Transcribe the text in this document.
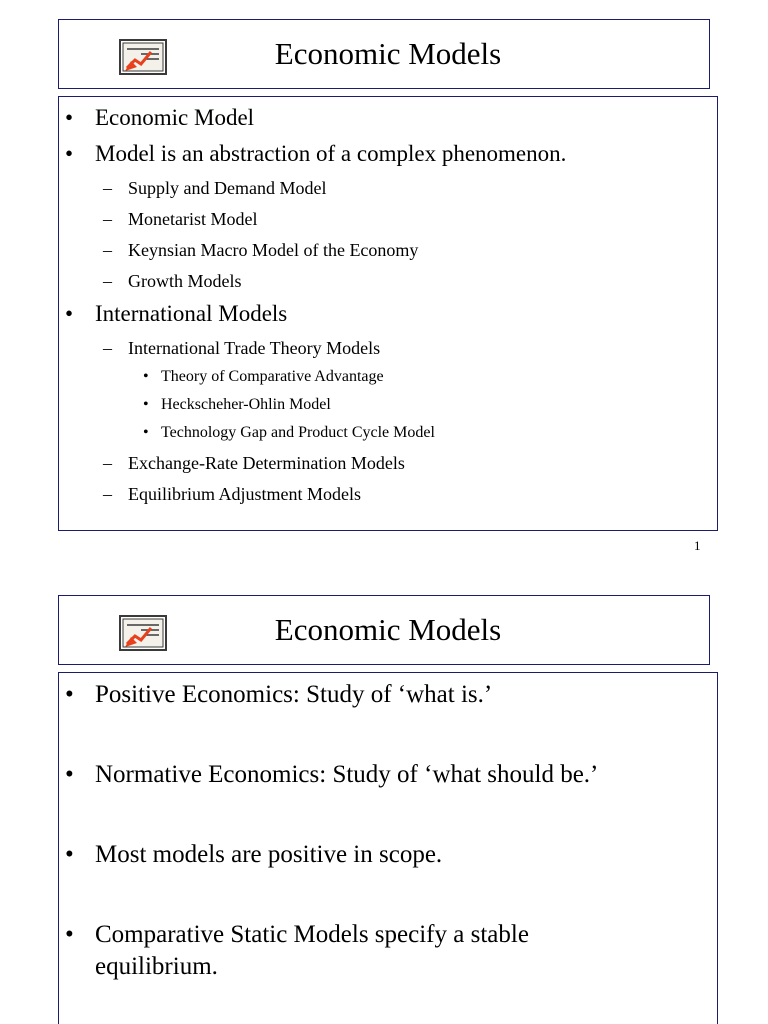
Economic Models
• Economic Model
• Model is an abstraction of a complex phenomenon.
– Supply and Demand Model
– Monetarist Model
– Keynsian Macro Model of the Economy
– Growth Models
• International Models
– International Trade Theory Models
• Theory of Comparative Advantage
• Heckscheher-Ohlin Model
• Technology Gap and Product Cycle Model
– Exchange-Rate Determination Models
– Equilibrium Adjustment Models
1
Economic Models
• Positive Economics: Study of ‘what is.’
• Normative Economics: Study of ‘what should be.’
• Most models are positive in scope.
• Comparative Static Models specify a stable equilibrium.
